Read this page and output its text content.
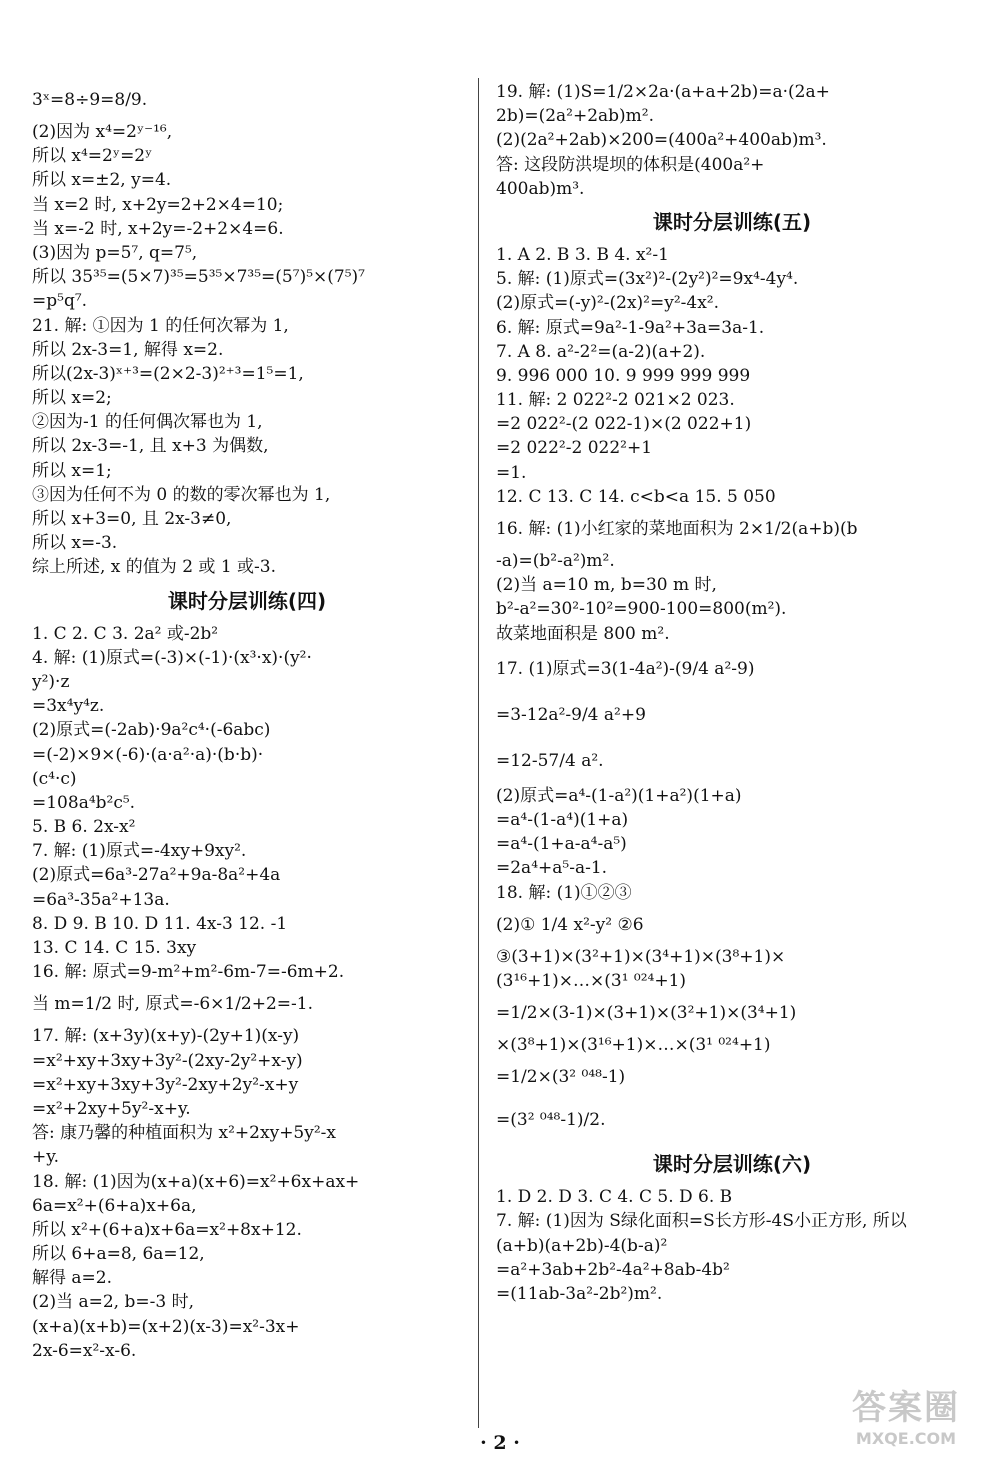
3ˣ=8÷9=8/9.
(2)因为 x⁴=2ʸ⁻¹⁶,
所以 x⁴=2ʸ=2ʸ
所以 x=±2, y=4.
当 x=2 时, x+2y=2+2×4=10;
当 x=-2 时, x+2y=-2+2×4=6.
(3)因为 p=5⁷, q=7⁵,
所以 35³⁵=(5×7)³⁵=5³⁵×7³⁵=(5⁷)⁵×(7⁵)⁷
=p⁵q⁷.
21. 解: ①因为 1 的任何次幂为 1,
所以 2x-3=1, 解得 x=2.
所以(2x-3)ˣ⁺³=(2×2-3)²⁺³=1⁵=1,
所以 x=2;
②因为-1 的任何偶次幂也为 1,
所以 2x-3=-1, 且 x+3 为偶数,
所以 x=1;
③因为任何不为 0 的数的零次幂也为 1,
所以 x+3=0, 且 2x-3≠0,
所以 x=-3.
综上所述, x 的值为 2 或 1 或-3.
课时分层训练(四)
1. C 2. C 3. 2a² 或-2b²
4. 解: (1)原式=(-3)×(-1)·(x³·x)·(y²·
y²)·z
=3x⁴y⁴z.
(2)原式=(-2ab)·9a²c⁴·(-6abc)
=(-2)×9×(-6)·(a·a²·a)·(b·b)·
(c⁴·c)
=108a⁴b²c⁵.
5. B 6. 2x-x²
7. 解: (1)原式=-4xy+9xy².
(2)原式=6a³-27a²+9a-8a²+4a
=6a³-35a²+13a.
8. D 9. B 10. D 11. 4x-3 12. -1
13. C 14. C 15. 3xy
16. 解: 原式=9-m²+m²-6m-7=-6m+2.
当 m=1/2 时, 原式=-6×1/2+2=-1.
17. 解: (x+3y)(x+y)-(2y+1)(x-y)
=x²+xy+3xy+3y²-(2xy-2y²+x-y)
=x²+xy+3xy+3y²-2xy+2y²-x+y
=x²+2xy+5y²-x+y.
答: 康乃馨的种植面积为 x²+2xy+5y²-x
+y.
18. 解: (1)因为(x+a)(x+6)=x²+6x+ax+
6a=x²+(6+a)x+6a,
所以 x²+(6+a)x+6a=x²+8x+12.
所以 6+a=8, 6a=12,
解得 a=2.
(2)当 a=2, b=-3 时,
(x+a)(x+b)=(x+2)(x-3)=x²-3x+
2x-6=x²-x-6.
19. 解: (1)S=1/2×2a·(a+a+2b)=a·(2a+
2b)=(2a²+2ab)m².
(2)(2a²+2ab)×200=(400a²+400ab)m³.
答: 这段防洪堤坝的体积是(400a²+
400ab)m³.
课时分层训练(五)
1. A 2. B 3. B 4. x²-1
5. 解: (1)原式=(3x²)²-(2y²)²=9x⁴-4y⁴.
(2)原式=(-y)²-(2x)²=y²-4x².
6. 解: 原式=9a²-1-9a²+3a=3a-1.
7. A 8. a²-2²=(a-2)(a+2).
9. 996 000 10. 9 999 999 999
11. 解: 2 022²-2 021×2 023.
=2 022²-(2 022-1)×(2 022+1)
=2 022²-2 022²+1
=1.
12. C 13. C 14. c<b<a 15. 5 050
16. 解: (1)小红家的菜地面积为 2×1/2(a+b)(b
-a)=(b²-a²)m².
(2)当 a=10 m, b=30 m 时,
b²-a²=30²-10²=900-100=800(m²).
故菜地面积是 800 m².
17. (1)原式=3(1-4a²)-(9/4 a²-9)
=3-12a²-9/4 a²+9
=12-57/4 a².
(2)原式=a⁴-(1-a²)(1+a²)(1+a)
=a⁴-(1-a⁴)(1+a)
=a⁴-(1+a-a⁴-a⁵)
=2a⁴+a⁵-a-1.
18. 解: (1)①②③
(2)① 1/4 x²-y² ②6
③(3+1)×(3²+1)×(3⁴+1)×(3⁸+1)×
(3¹⁶+1)×…×(3¹ ⁰²⁴+1)
=1/2×(3-1)×(3+1)×(3²+1)×(3⁴+1)
×(3⁸+1)×(3¹⁶+1)×…×(3¹ ⁰²⁴+1)
=1/2×(3² ⁰⁴⁸-1)
=(3² ⁰⁴⁸-1)/2.
课时分层训练(六)
1. D 2. D 3. C 4. C 5. D 6. B
7. 解: (1)因为 S绿化面积=S长方形-4S小正方形, 所以
(a+b)(a+2b)-4(b-a)²
=a²+3ab+2b²-4a²+8ab-4b²
=(11ab-3a²-2b²)m².
· 2 ·
答案圈
MXQE.COM
